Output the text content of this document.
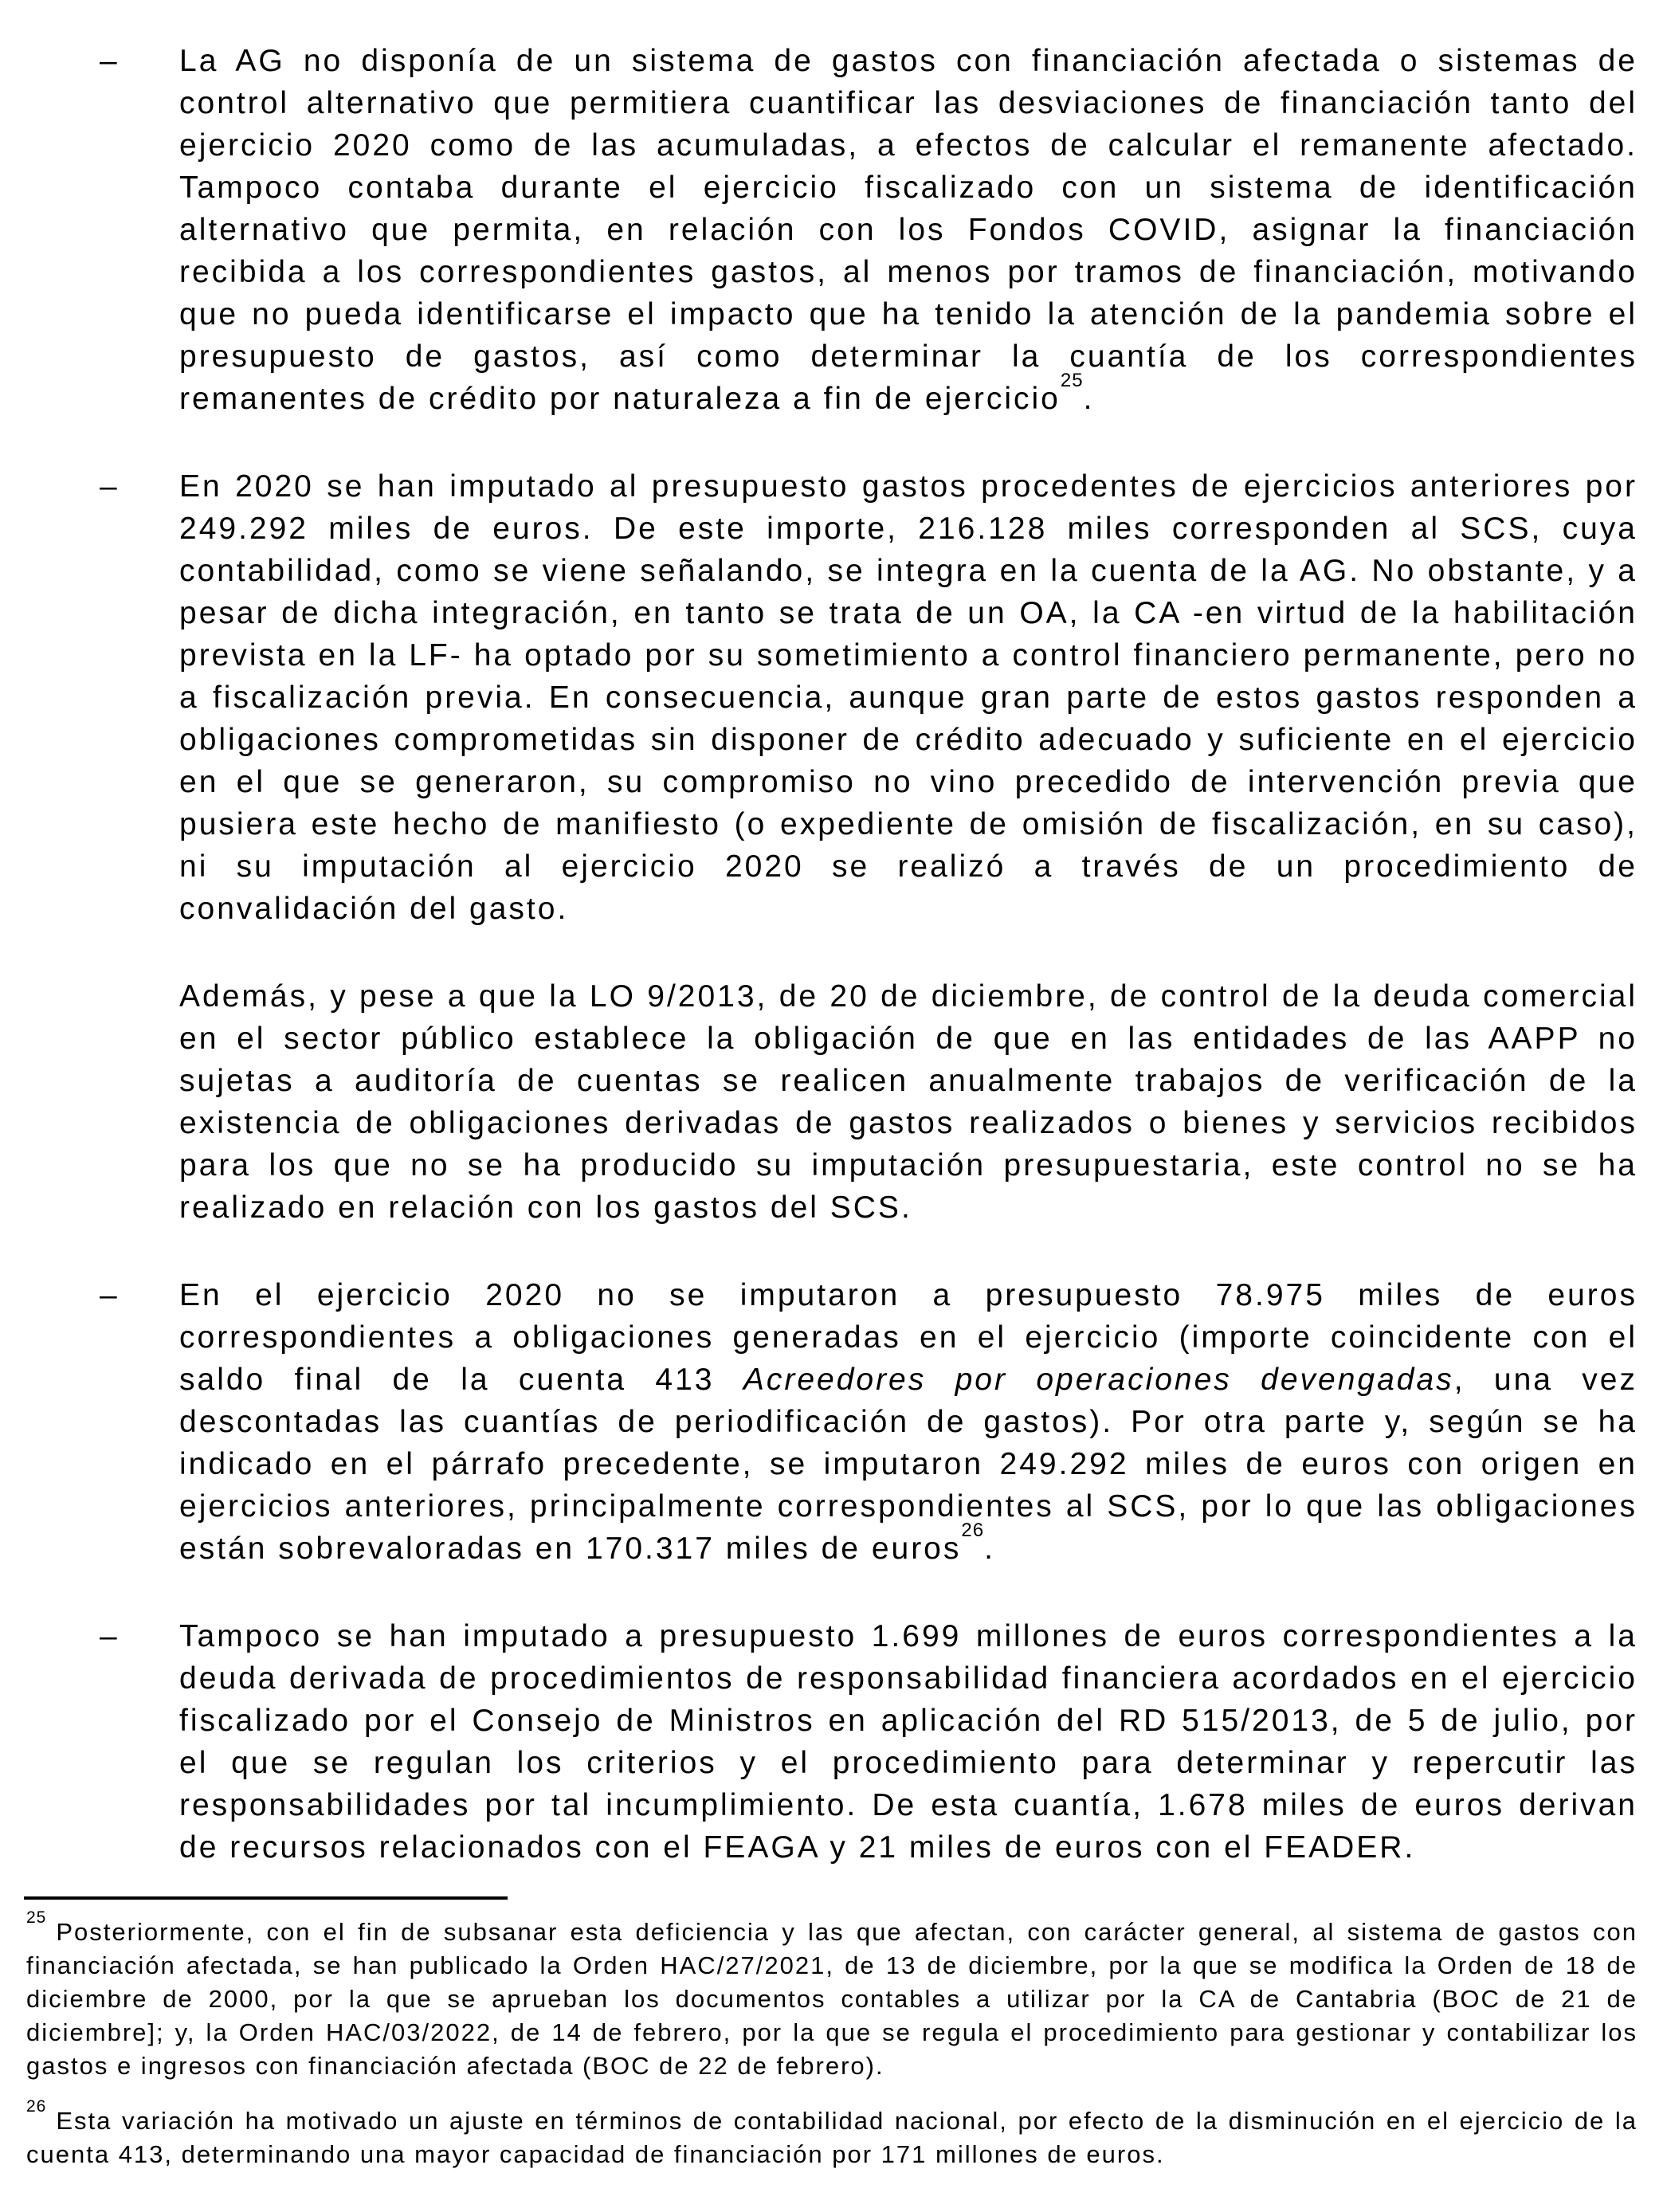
–	La AG no disponía de un sistema de gastos con financiación afectada o sistemas de control alternativo que permitiera cuantificar las desviaciones de financiación tanto del ejercicio 2020 como de las acumuladas, a efectos de calcular el remanente afectado. Tampoco contaba durante el ejercicio fiscalizado con un sistema de identificación alternativo que permita, en relación con los Fondos COVID, asignar la financiación recibida a los correspondientes gastos, al menos por tramos de financiación, motivando que no pueda identificarse el impacto que ha tenido la atención de la pandemia sobre el presupuesto de gastos, así como determinar la cuantía de los correspondientes remanentes de crédito por naturaleza a fin de ejercicio$^{25}$.
–	En 2020 se han imputado al presupuesto gastos procedentes de ejercicios anteriores por 249.292 miles de euros. De este importe, 216.128 miles corresponden al SCS, cuya contabilidad, como se viene señalando, se integra en la cuenta de la AG. No obstante, y a pesar de dicha integración, en tanto se trata de un OA, la CA -en virtud de la habilitación prevista en la LF- ha optado por su sometimiento a control financiero permanente, pero no a fiscalización previa. En consecuencia, aunque gran parte de estos gastos responden a obligaciones comprometidas sin disponer de crédito adecuado y suficiente en el ejercicio en el que se generaron, su compromiso no vino precedido de intervención previa que pusiera este hecho de manifiesto (o expediente de omisión de fiscalización, en su caso), ni su imputación al ejercicio 2020 se realizó a través de un procedimiento de convalidación del gasto.
Además, y pese a que la LO 9/2013, de 20 de diciembre, de control de la deuda comercial en el sector público establece la obligación de que en las entidades de las AAPP no sujetas a auditoría de cuentas se realicen anualmente trabajos de verificación de la existencia de obligaciones derivadas de gastos realizados o bienes y servicios recibidos para los que no se ha producido su imputación presupuestaria, este control no se ha realizado en relación con los gastos del SCS.
–	En el ejercicio 2020 no se imputaron a presupuesto 78.975 miles de euros correspondientes a obligaciones generadas en el ejercicio (importe coincidente con el saldo final de la cuenta 413 Acreedores por operaciones devengadas, una vez descontadas las cuantías de periodificación de gastos). Por otra parte y, según se ha indicado en el párrafo precedente, se imputaron 249.292 miles de euros con origen en ejercicios anteriores, principalmente correspondientes al SCS, por lo que las obligaciones están sobrevaloradas en 170.317 miles de euros$^{26}$.
–	Tampoco se han imputado a presupuesto 1.699 millones de euros correspondientes a la deuda derivada de procedimientos de responsabilidad financiera acordados en el ejercicio fiscalizado por el Consejo de Ministros en aplicación del RD 515/2013, de 5 de julio, por el que se regulan los criterios y el procedimiento para determinar y repercutir las responsabilidades por tal incumplimiento. De esta cuantía, 1.678 miles de euros derivan de recursos relacionados con el FEAGA y 21 miles de euros con el FEADER.

$^{25}$Posteriormente, con el fin de subsanar esta deficiencia y las que afectan, con carácter general, al sistema de gastos con financiación afectada, se han publicado la Orden HAC/27/2021, de 13 de diciembre, por la que se modifica la Orden de 18 de diciembre de 2000, por la que se aprueban los documentos contables a utilizar por la CA de Cantabria (BOC de 21 de diciembre]; y, la Orden HAC/03/2022, de 14 de febrero, por la que se regula el procedimiento para gestionar y contabilizar los gastos e ingresos con financiación afectada (BOC de 22 de febrero).

$^{26}$Esta variación ha motivado un ajuste en términos de contabilidad nacional, por efecto de la disminución en el ejercicio de la cuenta 413, determinando una mayor capacidad de financiación por 171 millones de euros.
